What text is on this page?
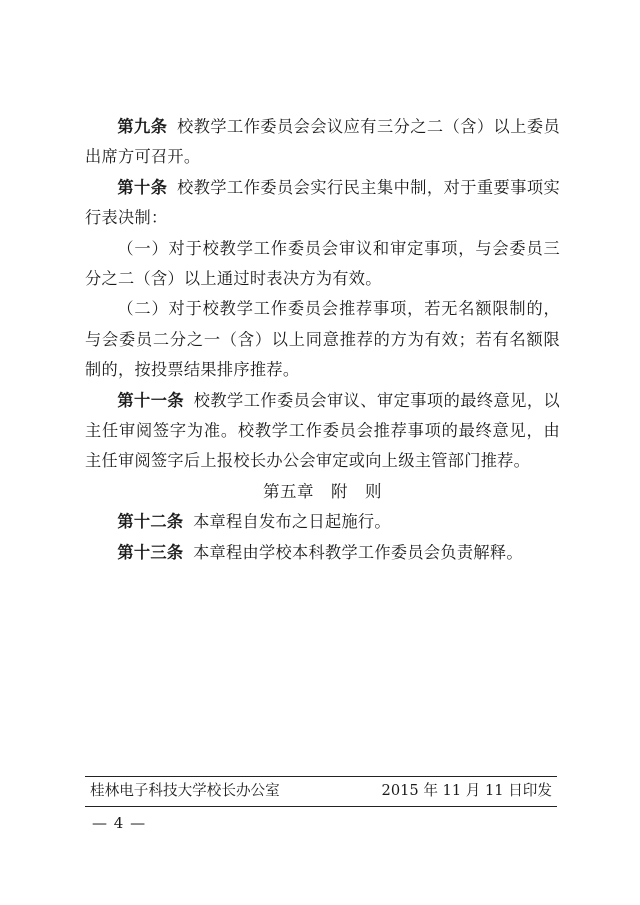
第九条 校教学工作委员会会议应有三分之二（含）以上委员出席方可召开。

第十条 校教学工作委员会实行民主集中制，对于重要事项实行表决制：

（一）对于校教学工作委员会审议和审定事项，与会委员三分之二（含）以上通过时表决方为有效。

（二）对于校教学工作委员会推荐事项，若无名额限制的，与会委员二分之一（含）以上同意推荐的方为有效；若有名额限制的，按投票结果排序推荐。

第十一条 校教学工作委员会审议、审定事项的最终意见，以主任审阅签字为准。校教学工作委员会推荐事项的最终意见，由主任审阅签字后上报校长办公会审定或向上级主管部门推荐。

第五章　附　则

第十二条 本章程自发布之日起施行。

第十三条 本章程由学校本科教学工作委员会负责解释。

桂林电子科技大学校长办公室	2015 年 11 月 11 日印发
— 4 —
